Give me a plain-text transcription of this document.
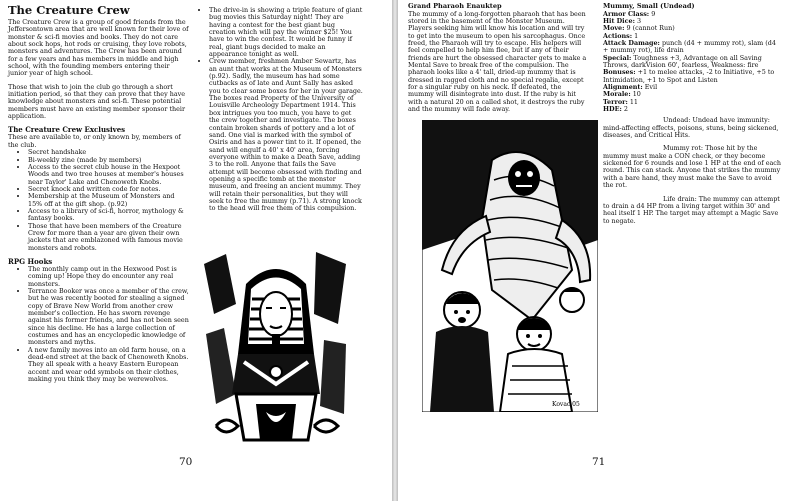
The Creature Crew

The Creature Crew is a group of good friends from the Jeffersontown area that are well known for their love of monster & sci-fi movies and books. They do not care about sock hops, hot rods or cruising, they love robots, monsters and adventures. The Crew has been around for a few years and has members in middle and high school, with the founding members entering their junior year of high school.

Those that wish to join the club go through a short initiation period, so that they can prove that they have knowledge about monsters and sci-fi. These potential members must have an existing member sponsor their application.

The Creature Crew Exclusives

These are available to, or only known by, members of the club.

• Secret handshake
• Bi-weekly zine (made by members)
• Access to the secret club house in the Hexpoot Woods and two tree houses at member's houses near Taylor' Lake and Chenoweth Knobs.
• Secret knock and written code for notes.
• Membership at the Museum of Monsters and 15% off at the gift shop. (p.92)
• Access to a library of sci-fi, horror, mythology & fantasy books.
• Those that have been members of the Creature Crew for more than a year are given their own jackets that are emblazoned with famous movie monsters and robots.
RPG Hooks
• The monthly camp out in the Hexwood Post is coming up! Hope they do encounter any real monsters.
• Terrance Booker was once a member of the crew, but he was recently booted for stealing a signed copy of Brave New World from another crew member's collection. He has sworn revenge against his former friends, and has not been seen since his decline. He has a large collection of costumes and has an encyclopedic knowledge of monsters and myths.
• A new family moves into an old farm house, on a dead-end street at the back of Chenoweth Knobs. They all speak with a heavy Eastern European accent and wear odd symbols on their clothes, making you think they may be werewolves.
• The drive-in is showing a triple feature of giant bug movies this Saturday night! They are having a contest for the best giant bug creation which will pay the winner $25! You have to win the contest. It would be funny if real, giant bugs decided to make an appearance tonight as well.
• Crew member, freshmen Amber Sewartz, has an aunt that works at the Museum of Monsters (p.92). Sadly, the museum has had some cutbacks as of late and Aunt Sally has asked you to clear some boxes for her in your garage. The boxes read Property of the University of Louisville Archeology Department 1914. This box intrigues you too much, you have to get the crew together and investigate. The boxes contain broken shards of pottery and a lot of sand. One vial is marked with the symbol of Osiris and has a power tint to it. If opened, the sand will engulf a 40' x 40' area, forcing everyone within to make a Death Save, adding 3 to the roll. Anyone that fails the Save attempt will become obsessed with finding and opening a specific tomb at the monster museum, and freeing an ancient mummy. They will retain their personalities, but they will seek to free the mummy (p.71). A strong knock to the head will free them of this compulsion.
70
Grand Pharaoh Enauktep

The mummy of a long-forgotten pharaoh that has been stored in the basement of the Monster Museum. Players seeking him will know his location and will try to get into the museum to open his sarcophagus. Once freed, the Pharaoh will try to escape. His helpers will feel compelled to help him flee, but if any of their friends are hurt the obsessed character gets to make a Mental Save to break free of the compulsion. The pharaoh looks like a 4' tall, dried-up mummy that is dressed in ragged cloth and no special regalia, except for a singular ruby on his neck. If defeated, the mummy will disintegrate into dust. If the ruby is hit with a natural 20 on a called shot, it destroys the ruby and the mummy will fade away.

Kovac 05
Mummy, Small (Undead)
Armor Class: 9
Hit Dice: 3
Move: 9 (cannot Run)
Actions: 1
Attack Damage: punch (d4 + mummy rot), slam (d4 + mummy rot), life drain
Special: Toughness +3, Advantage on all Saving Throws, darkVision 60', fearless, Weakness: fire
Bonuses: +1 to melee attacks, -2 to Initiative, +5 to Intimidation, +1 to Spot and Listen
Alignment: Evil
Morale: 10
Terror: 11
HDE: 2

Undead: Undead have immunity: mind-affecting effects, poisons, stuns, being sickened, diseases, and Critical Hits.

Mummy rot: Those hit by the mummy must make a CON check, or they become sickened for 6 rounds and lose 1 HP at the end of each round. This can stack. Anyone that strikes the mummy with a bare hand, they must make the Save to avoid the rot.

Life drain: The mummy can attempt to drain a d4 HP from a living target within 30' and heal itself 1 HP. The target may attempt a Magic Save to negate.

71
